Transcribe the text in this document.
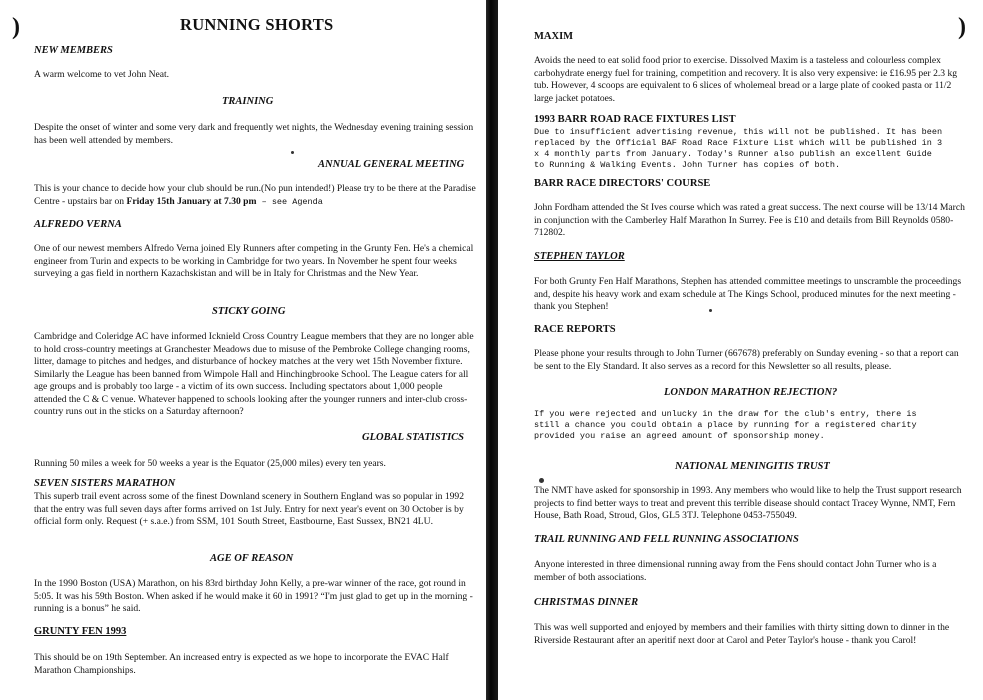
)	RUNNING SHORTS
NEW MEMBERS
A warm welcome to vet John Neat.
TRAINING
Despite the onset of winter and some very dark and frequently wet nights, the Wednesday evening training session has been well attended by members.
ANNUAL GENERAL MEETING
This is your chance to decide how your club should be run.(No pun intended!) Please try to be there at the Paradise Centre - upstairs bar on Friday 15th January at 7.30 pm – see Agenda
ALFREDO VERNA
One of our newest members Alfredo Verna joined Ely Runners after competing in the Grunty Fen. He's a chemical engineer from Turin and expects to be working in Cambridge for two years. In November he spent four weeks surveying a gas field in northern Kazachskistan and will be in Italy for Christmas and the New Year.
STICKY GOING
Cambridge and Coleridge AC have informed Icknield Cross Country League members that they are no longer able to hold cross-country meetings at Granchester Meadows due to misuse of the Pembroke College changing rooms, litter, damage to pitches and hedges, and disturbance of hockey matches at the very wet 15th November fixture. Similarly the League has been banned from Wimpole Hall and Hinchingbrooke School. The League caters for all age groups and is probably too large - a victim of its own success. Including spectators about 1,000 people attended the C & C venue. Whatever happened to schools looking after the younger runners and inter-club cross-country runs out in the sticks on a Saturday afternoon?
GLOBAL STATISTICS
Running 50 miles a week for 50 weeks a year is the Equator (25,000 miles) every ten years.
SEVEN SISTERS MARATHON
This superb trail event across some of the finest Downland scenery in Southern England was so popular in 1992 that the entry was full seven days after forms arrived on 1st July. Entry for next year's event on 30 October is by official form only. Request (+ s.a.e.) from SSM, 101 South Street, Eastbourne, East Sussex, BN21 4LU.
AGE OF REASON
In the 1990 Boston (USA) Marathon, on his 83rd birthday John Kelly, a pre-war winner of the race, got round in 5:05. It was his 59th Boston. When asked if he would make it 60 in 1991? “I'm just glad to get up in the morning - running is a bonus” he said.
GRUNTY FEN 1993
This should be on 19th September. An increased entry is expected as we hope to incorporate the EVAC Half Marathon Championships.
)
MAXIM
Avoids the need to eat solid food prior to exercise. Dissolved Maxim is a tasteless and colourless complex carbohydrate energy fuel for training, competition and recovery. It is also very expensive: ie £16.95 per 2.3 kg tub. However, 4 scoops are equivalent to 6 slices of wholemeal bread or a large plate of cooked pasta or 11/2 large jacket potatoes.
1993 BARR ROAD RACE FIXTURES LIST
Due to insufficient advertising revenue, this will not be published. It has been replaced by the Official BAF Road Race Fixture List which will be published in 3 x 4 monthly parts from January. Today's Runner also publish an excellent Guide to Running & Walking Events. John Turner has copies of both.
BARR RACE DIRECTORS' COURSE
John Fordham attended the St Ives course which was rated a great success. The next course will be 13/14 March in conjunction with the Camberley Half Marathon In Surrey. Fee is £10 and details from Bill Reynolds 0580-712802.
STEPHEN TAYLOR
For both Grunty Fen Half Marathons, Stephen has attended committee meetings to unscramble the proceedings and, despite his heavy work and exam schedule at The Kings School, produced minutes for the next meeting - thank you Stephen!
RACE REPORTS
Please phone your results through to John Turner (667678) preferably on Sunday evening - so that a report can be sent to the Ely Standard. It also serves as a record for this Newsletter so all results, please.
LONDON MARATHON REJECTION?
If you were rejected and unlucky in the draw for the club's entry, there is still a chance you could obtain a place by running for a registered charity provided you raise an agreed amount of sponsorship money.
NATIONAL MENINGITIS TRUST
The NMT have asked for sponsorship in 1993. Any members who would like to help the Trust support research projects to find better ways to treat and prevent this terrible disease should contact Tracey Wynne, NMT, Fern House, Bath Road, Stroud, Glos, GL5 3TJ. Telephone 0453-755049.
TRAIL RUNNING AND FELL RUNNING ASSOCIATIONS
Anyone interested in three dimensional running away from the Fens should contact John Turner who is a member of both associations.
CHRISTMAS DINNER
This was well supported and enjoyed by members and their families with thirty sitting down to dinner in the Riverside Restaurant after an aperitif next door at Carol and Peter Taylor's house - thank you Carol!
